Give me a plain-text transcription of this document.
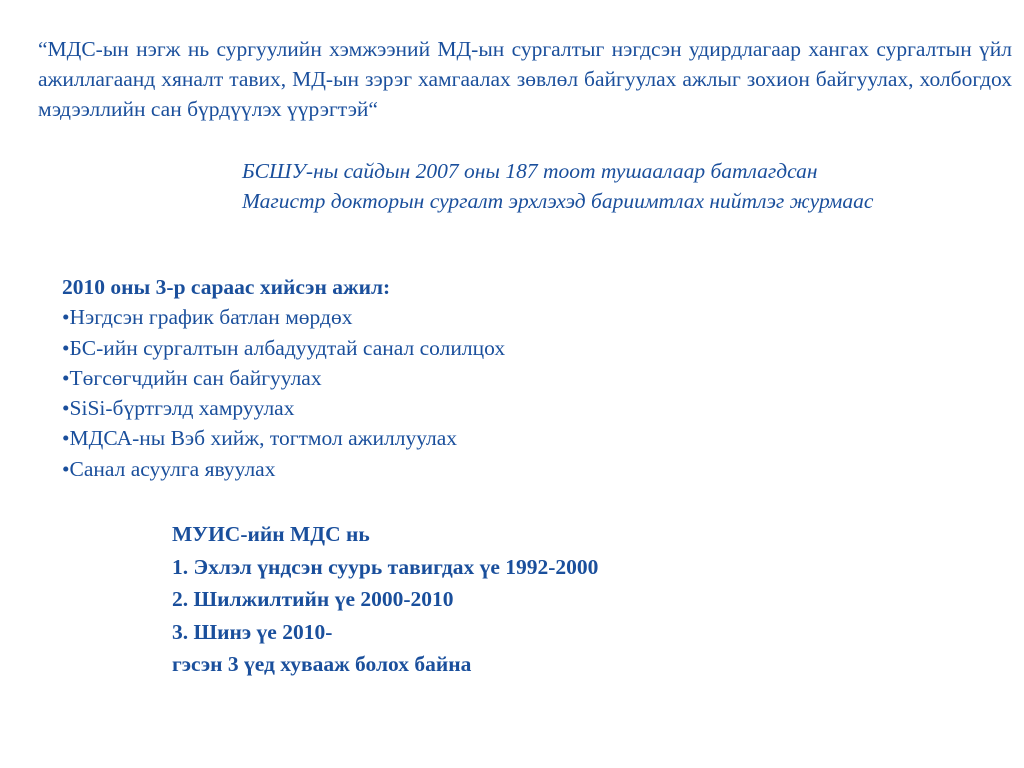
“МДС-ын нэгж нь сургуулийн хэмжээний МД-ын сургалтыг нэгдсэн удирдлагаар хангах сургалтын үйл ажиллагаанд хяналт тавих, МД-ын зэрэг хамгаалах зөвлөл байгуулах ажлыг зохион байгуулах, холбогдох мэдээллийн сан бүрдүүлэх үүрэгтэй“
БСШУ-ны сайдын 2007 оны 187 тоот тушаалаар батлагдсан
Магистр докторын сургалт эрхлэхэд бариимтлах нийтлэг журмаас
2010 оны 3-р сараас хийсэн ажил:
•Нэгдсэн график батлан мөрдөх
•БС-ийн сургалтын албадуудтай санал солилцох
•Төгсөгчдийн сан байгуулах
•SiSi-бүртгэлд хамруулах
•МДСА-ны Вэб хийж, тогтмол ажиллуулах
•Санал асуулга явуулах
МУИС-ийн МДС нь
1. Эхлэл үндсэн суурь тавигдах үе 1992-2000
2. Шилжилтийн үе 2000-2010
3. Шинэ үе 2010-
гэсэн 3 үед хувааж болох байна
